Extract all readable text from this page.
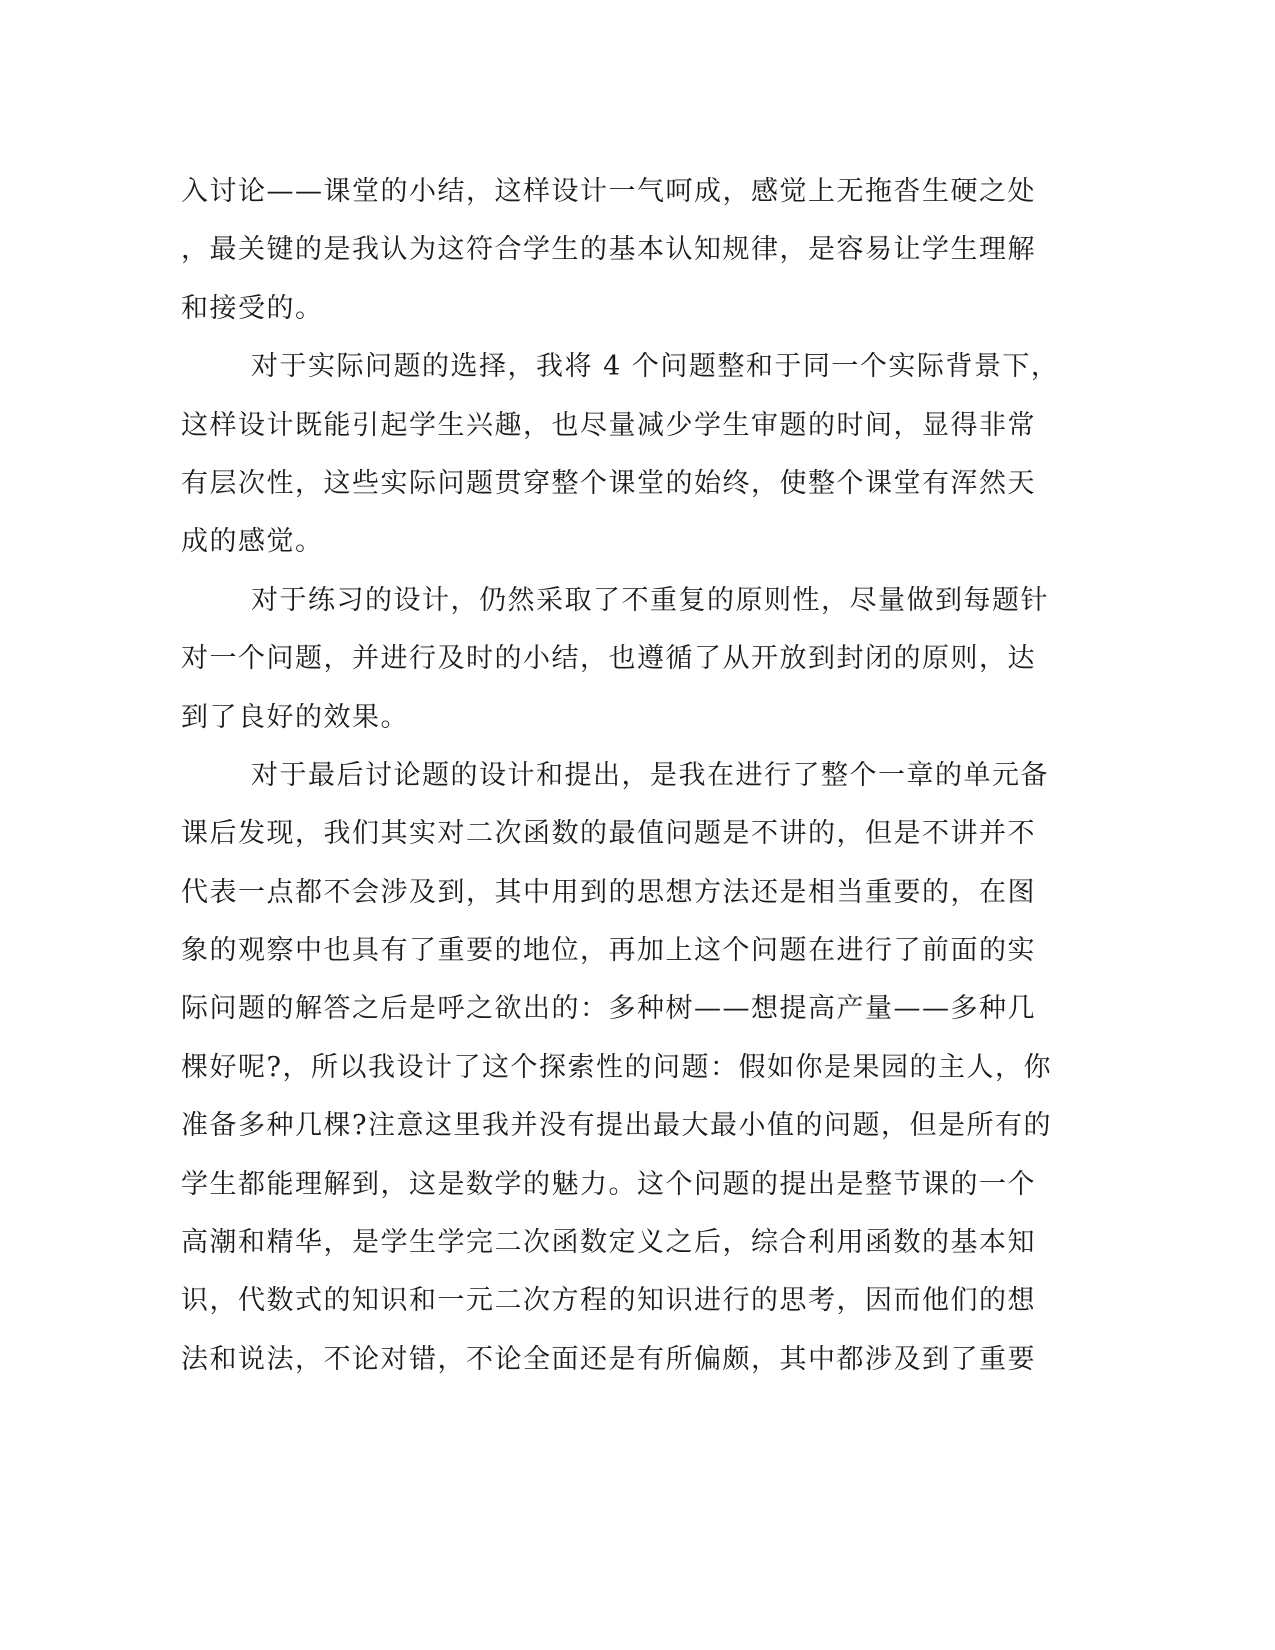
入讨论——课堂的小结，这样设计一气呵成，感觉上无拖沓生硬之处
，最关键的是我认为这符合学生的基本认知规律，是容易让学生理解
和接受的。
对于实际问题的选择，我将 4 个问题整和于同一个实际背景下，
这样设计既能引起学生兴趣，也尽量减少学生审题的时间，显得非常
有层次性，这些实际问题贯穿整个课堂的始终，使整个课堂有浑然天
成的感觉。
对于练习的设计，仍然采取了不重复的原则性，尽量做到每题针
对一个问题，并进行及时的小结，也遵循了从开放到封闭的原则，达
到了良好的效果。
对于最后讨论题的设计和提出，是我在进行了整个一章的单元备
课后发现，我们其实对二次函数的最值问题是不讲的，但是不讲并不
代表一点都不会涉及到，其中用到的思想方法还是相当重要的，在图
象的观察中也具有了重要的地位，再加上这个问题在进行了前面的实
际问题的解答之后是呼之欲出的：多种树——想提高产量——多种几
棵好呢?，所以我设计了这个探索性的问题：假如你是果园的主人，你
准备多种几棵?注意这里我并没有提出最大最小值的问题，但是所有的
学生都能理解到，这是数学的魅力。这个问题的提出是整节课的一个
高潮和精华，是学生学完二次函数定义之后，综合利用函数的基本知
识，代数式的知识和一元二次方程的知识进行的思考，因而他们的想
法和说法，不论对错，不论全面还是有所偏颇，其中都涉及到了重要
